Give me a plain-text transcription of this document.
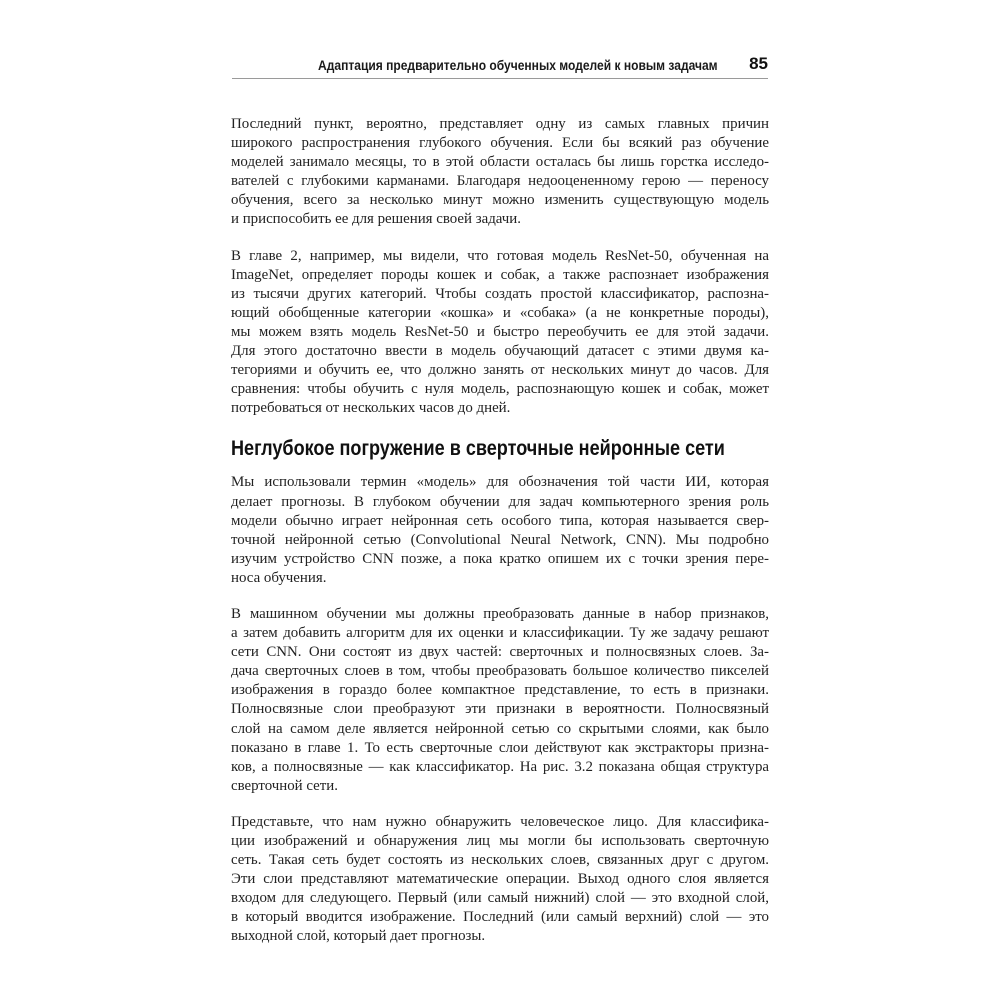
Адаптация предварительно обученных моделей к новым задачам 85

Последний пункт, вероятно, представляет одну из самых главных причин
широкого распространения глубокого обучения. Если бы всякий раз обучение
моделей занимало месяцы, то в этой области осталась бы лишь горстка исследо-
вателей с глубокими карманами. Благодаря недооцененному герою — переносу
обучения, всего за несколько минут можно изменить существующую модель
и приспособить ее для решения своей задачи.

В главе 2, например, мы видели, что готовая модель ResNet-50, обученная на
ImageNet, определяет породы кошек и собак, а также распознает изображения
из тысячи других категорий. Чтобы создать простой классификатор, распозна-
ющий обобщенные категории «кошка» и «собака» (а не конкретные породы),
мы можем взять модель ResNet-50 и быстро переобучить ее для этой задачи.
Для этого достаточно ввести в модель обучающий датасет с этими двумя ка-
тегориями и обучить ее, что должно занять от нескольких минут до часов. Для
сравнения: чтобы обучить с нуля модель, распознающую кошек и собак, может
потребоваться от нескольких часов до дней.

Неглубокое погружение в сверточные нейронные сети

Мы использовали термин «модель» для обозначения той части ИИ, которая
делает прогнозы. В глубоком обучении для задач компьютерного зрения роль
модели обычно играет нейронная сеть особого типа, которая называется свер-
точной нейронной сетью (Convolutional Neural Network, CNN). Мы подробно
изучим устройство CNN позже, а пока кратко опишем их с точки зрения пере-
носа обучения.

В машинном обучении мы должны преобразовать данные в набор признаков,
а затем добавить алгоритм для их оценки и классификации. Ту же задачу решают
сети CNN. Они состоят из двух частей: сверточных и полносвязных слоев. За-
дача сверточных слоев в том, чтобы преобразовать большое количество пикселей
изображения в гораздо более компактное представление, то есть в признаки.
Полносвязные слои преобразуют эти признаки в вероятности. Полносвязный
слой на самом деле является нейронной сетью со скрытыми слоями, как было
показано в главе 1. То есть сверточные слои действуют как экстракторы призна-
ков, а полносвязные — как классификатор. На рис. 3.2 показана общая структура
сверточной сети.

Представьте, что нам нужно обнаружить человеческое лицо. Для классифика-
ции изображений и обнаружения лиц мы могли бы использовать сверточную
сеть. Такая сеть будет состоять из нескольких слоев, связанных друг с другом.
Эти слои представляют математические операции. Выход одного слоя является
входом для следующего. Первый (или самый нижний) слой — это входной слой,
в который вводится изображение. Последний (или самый верхний) слой — это
выходной слой, который дает прогнозы.
